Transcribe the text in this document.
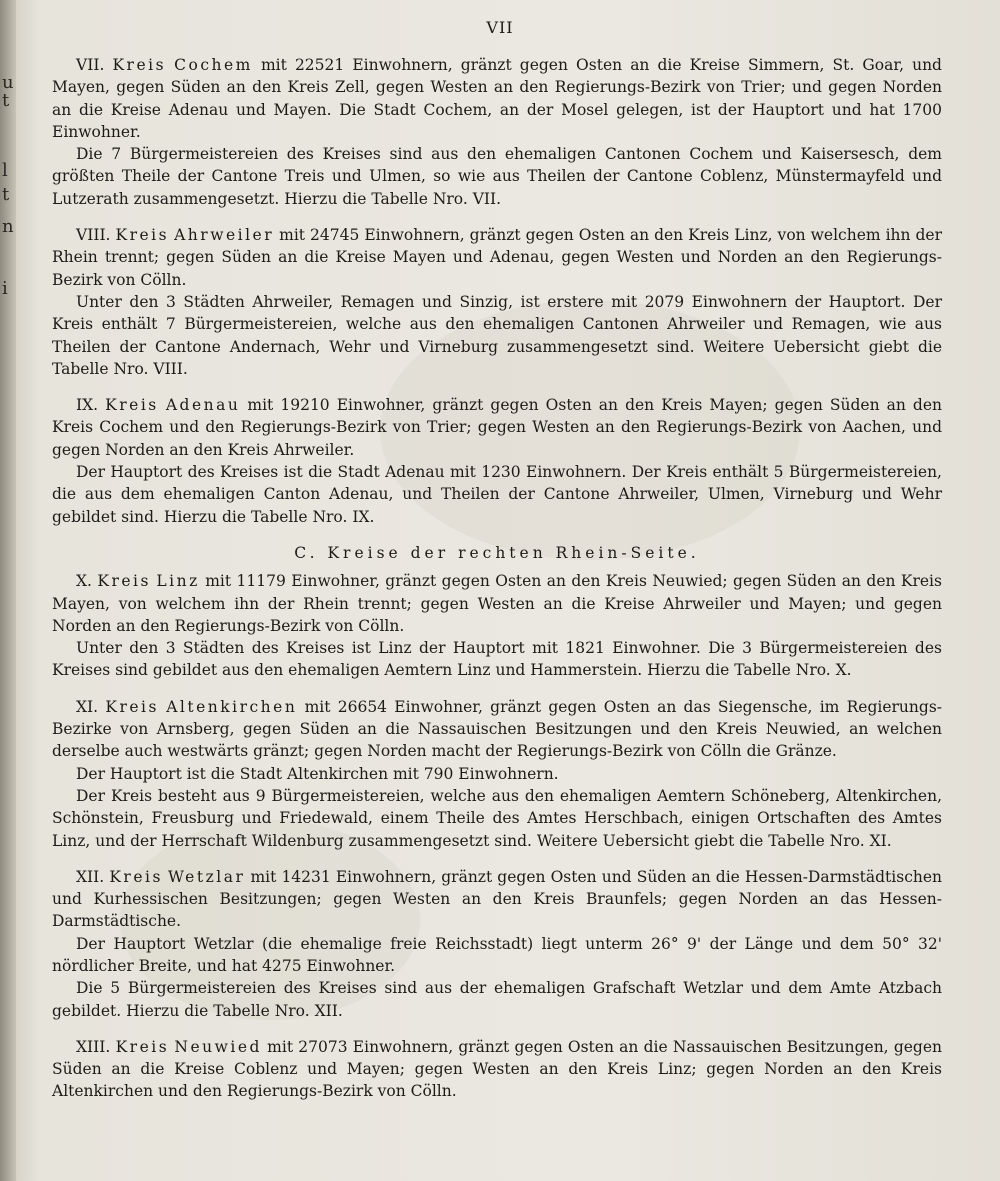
u
t
l
t
n
i
VII

VII. Kreis Cochem mit 22521 Einwohnern, gränzt gegen Osten an die Kreise Simmern, St. Goar, und Mayen, gegen Süden an den Kreis Zell, gegen Westen an den Regierungs-Bezirk von Trier; und gegen Norden an die Kreise Adenau und Mayen. Die Stadt Cochem, an der Mosel gelegen, ist der Hauptort und hat 1700 Einwohner.

Die 7 Bürgermeistereien des Kreises sind aus den ehemaligen Cantonen Cochem und Kaisersesch, dem größten Theile der Cantone Treis und Ulmen, so wie aus Theilen der Cantone Coblenz, Münstermayfeld und Lutzerath zusammengesetzt. Hierzu die Tabelle Nro. VII.

VIII. Kreis Ahrweiler mit 24745 Einwohnern, gränzt gegen Osten an den Kreis Linz, von welchem ihn der Rhein trennt; gegen Süden an die Kreise Mayen und Adenau, gegen Westen und Norden an den Regierungs-Bezirk von Cölln.

Unter den 3 Städten Ahrweiler, Remagen und Sinzig, ist erstere mit 2079 Einwohnern der Hauptort. Der Kreis enthält 7 Bürgermeistereien, welche aus den ehemaligen Cantonen Ahrweiler und Remagen, wie aus Theilen der Cantone Andernach, Wehr und Virneburg zusammengesetzt sind. Weitere Uebersicht giebt die Tabelle Nro. VIII.

IX. Kreis Adenau mit 19210 Einwohner, gränzt gegen Osten an den Kreis Mayen; gegen Süden an den Kreis Cochem und den Regierungs-Bezirk von Trier; gegen Westen an den Regierungs-Bezirk von Aachen, und gegen Norden an den Kreis Ahrweiler.

Der Hauptort des Kreises ist die Stadt Adenau mit 1230 Einwohnern. Der Kreis enthält 5 Bürgermeistereien, die aus dem ehemaligen Canton Adenau, und Theilen der Cantone Ahrweiler, Ulmen, Virneburg und Wehr gebildet sind. Hierzu die Tabelle Nro. IX.

C. Kreise der rechten Rhein-Seite.

X. Kreis Linz mit 11179 Einwohner, gränzt gegen Osten an den Kreis Neuwied; gegen Süden an den Kreis Mayen, von welchem ihn der Rhein trennt; gegen Westen an die Kreise Ahrweiler und Mayen; und gegen Norden an den Regierungs-Bezirk von Cölln.

Unter den 3 Städten des Kreises ist Linz der Hauptort mit 1821 Einwohner. Die 3 Bürgermeistereien des Kreises sind gebildet aus den ehemaligen Aemtern Linz und Hammerstein. Hierzu die Tabelle Nro. X.

XI. Kreis Altenkirchen mit 26654 Einwohner, gränzt gegen Osten an das Siegensche, im Regierungs-Bezirke von Arnsberg, gegen Süden an die Nassauischen Besitzungen und den Kreis Neuwied, an welchen derselbe auch westwärts gränzt; gegen Norden macht der Regierungs-Bezirk von Cölln die Gränze.

Der Hauptort ist die Stadt Altenkirchen mit 790 Einwohnern.

Der Kreis besteht aus 9 Bürgermeistereien, welche aus den ehemaligen Aemtern Schöneberg, Altenkirchen, Schönstein, Freusburg und Friedewald, einem Theile des Amtes Herschbach, einigen Ortschaften des Amtes Linz, und der Herrschaft Wildenburg zusammengesetzt sind. Weitere Uebersicht giebt die Tabelle Nro. XI.

XII. Kreis Wetzlar mit 14231 Einwohnern, gränzt gegen Osten und Süden an die Hessen-Darmstädtischen und Kurhessischen Besitzungen; gegen Westen an den Kreis Braunfels; gegen Norden an das Hessen-Darmstädtische.

Der Hauptort Wetzlar (die ehemalige freie Reichsstadt) liegt unterm 26° 9' der Länge und dem 50° 32' nördlicher Breite, und hat 4275 Einwohner.

Die 5 Bürgermeistereien des Kreises sind aus der ehemaligen Grafschaft Wetzlar und dem Amte Atzbach gebildet. Hierzu die Tabelle Nro. XII.

XIII. Kreis Neuwied mit 27073 Einwohnern, gränzt gegen Osten an die Nassauischen Besitzungen, gegen Süden an die Kreise Coblenz und Mayen; gegen Westen an den Kreis Linz; gegen Norden an den Kreis Altenkirchen und den Regierungs-Bezirk von Cölln.
